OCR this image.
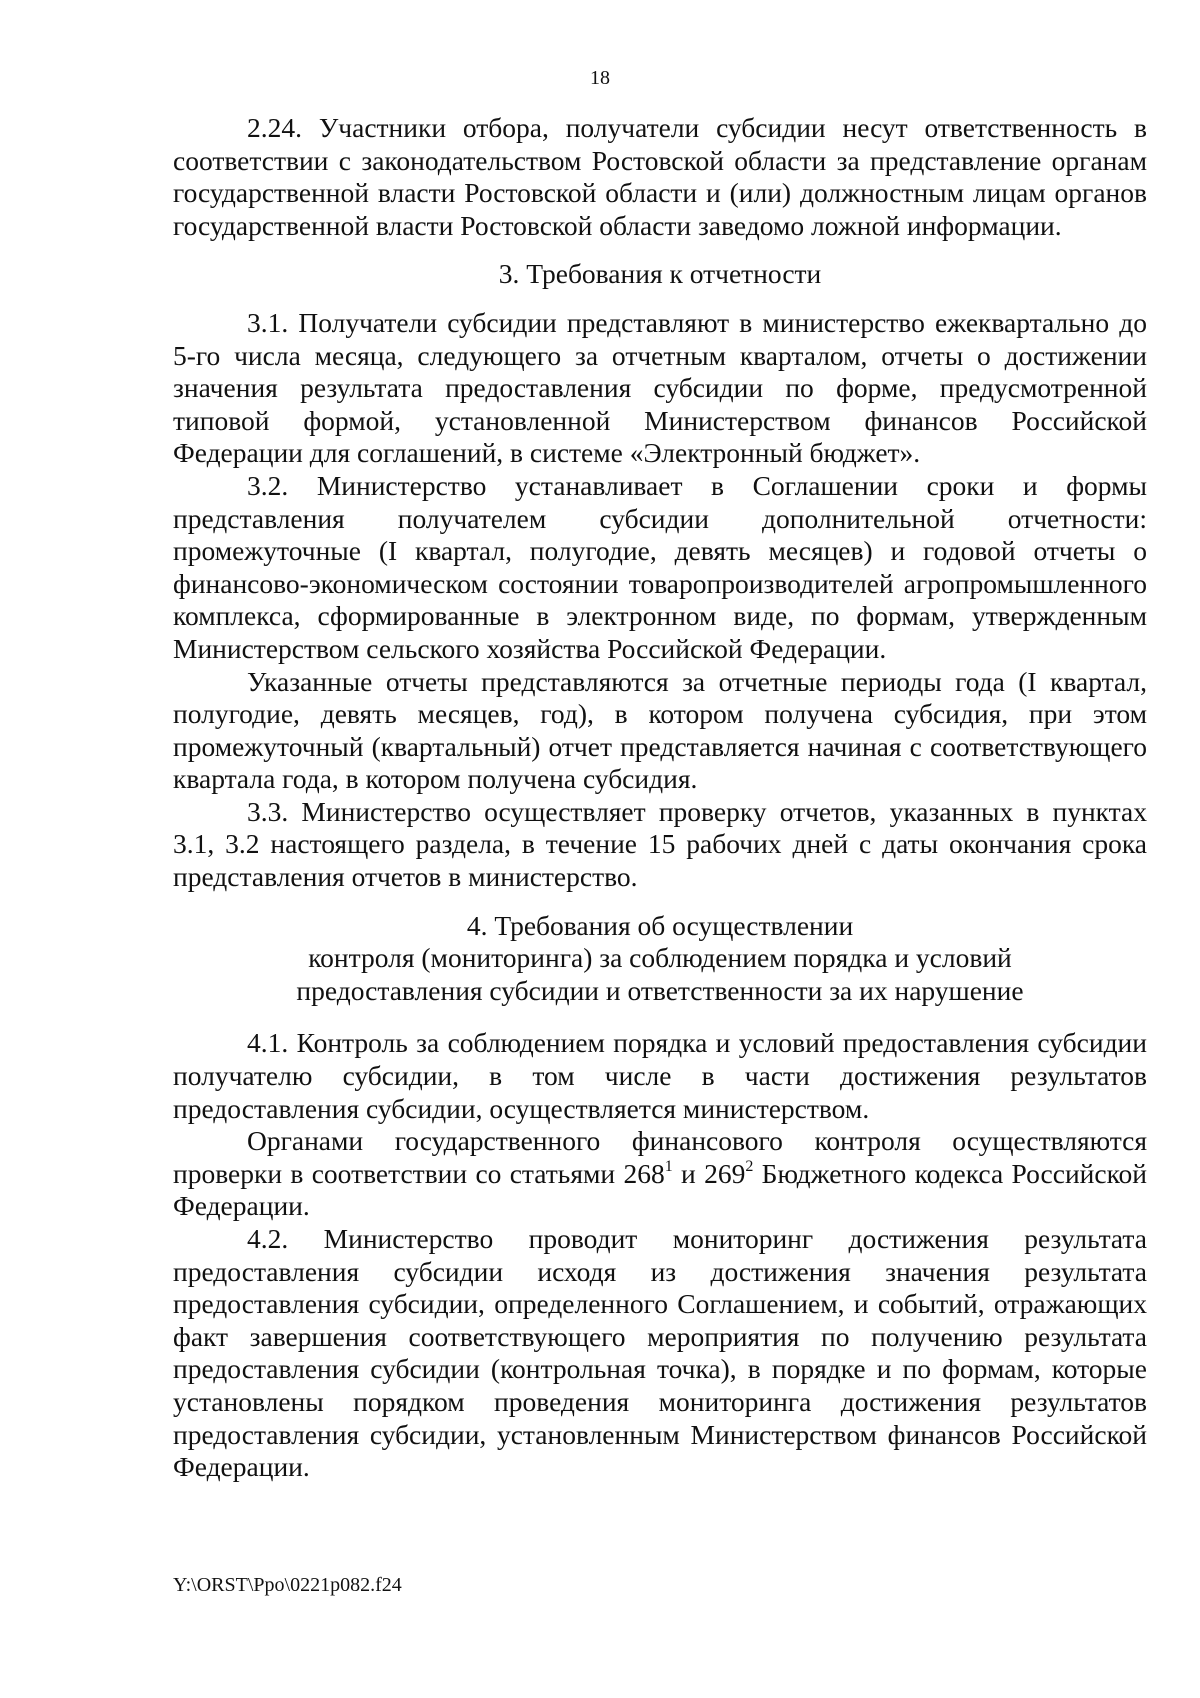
18

2.24. Участники отбора, получатели субсидии несут ответственность в соответствии с законодательством Ростовской области за представление органам государственной власти Ростовской области и (или) должностным лицам органов государственной власти Ростовской области заведомо ложной информации.

3. Требования к отчетности

3.1. Получатели субсидии представляют в министерство ежеквартально до 5-го числа месяца, следующего за отчетным кварталом, отчеты о достижении значения результата предоставления субсидии по форме, предусмотренной типовой формой, установленной Министерством финансов Российской Федерации для соглашений, в системе «Электронный бюджет».

3.2. Министерство устанавливает в Соглашении сроки и формы представления получателем субсидии дополнительной отчетности: промежуточные (I квартал, полугодие, девять месяцев) и годовой отчеты о финансово-экономическом состоянии товаропроизводителей агропромышленного комплекса, сформированные в электронном виде, по формам, утвержденным Министерством сельского хозяйства Российской Федерации.

Указанные отчеты представляются за отчетные периоды года (I квартал, полугодие, девять месяцев, год), в котором получена субсидия, при этом промежуточный (квартальный) отчет представляется начиная с соответствующего квартала года, в котором получена субсидия.

3.3. Министерство осуществляет проверку отчетов, указанных в пунктах 3.1, 3.2 настоящего раздела, в течение 15 рабочих дней с даты окончания срока представления отчетов в министерство.

4. Требования об осуществлении
контроля (мониторинга) за соблюдением порядка и условий
предоставления субсидии и ответственности за их нарушение

4.1. Контроль за соблюдением порядка и условий предоставления субсидии получателю субсидии, в том числе в части достижения результатов предоставления субсидии, осуществляется министерством.

Органами государственного финансового контроля осуществляются проверки в соответствии со статьями $268^1$ и $269^2$ Бюджетного кодекса Российской Федерации.

4.2. Министерство проводит мониторинг достижения результата предоставления субсидии исходя из достижения значения результата предоставления субсидии, определенного Соглашением, и событий, отражающих факт завершения соответствующего мероприятия по получению результата предоставления субсидии (контрольная точка), в порядке и по формам, которые установлены порядком проведения мониторинга достижения результатов предоставления субсидии, установленным Министерством финансов Российской Федерации.

Y:\ORST\Ppo\0221p082.f24
